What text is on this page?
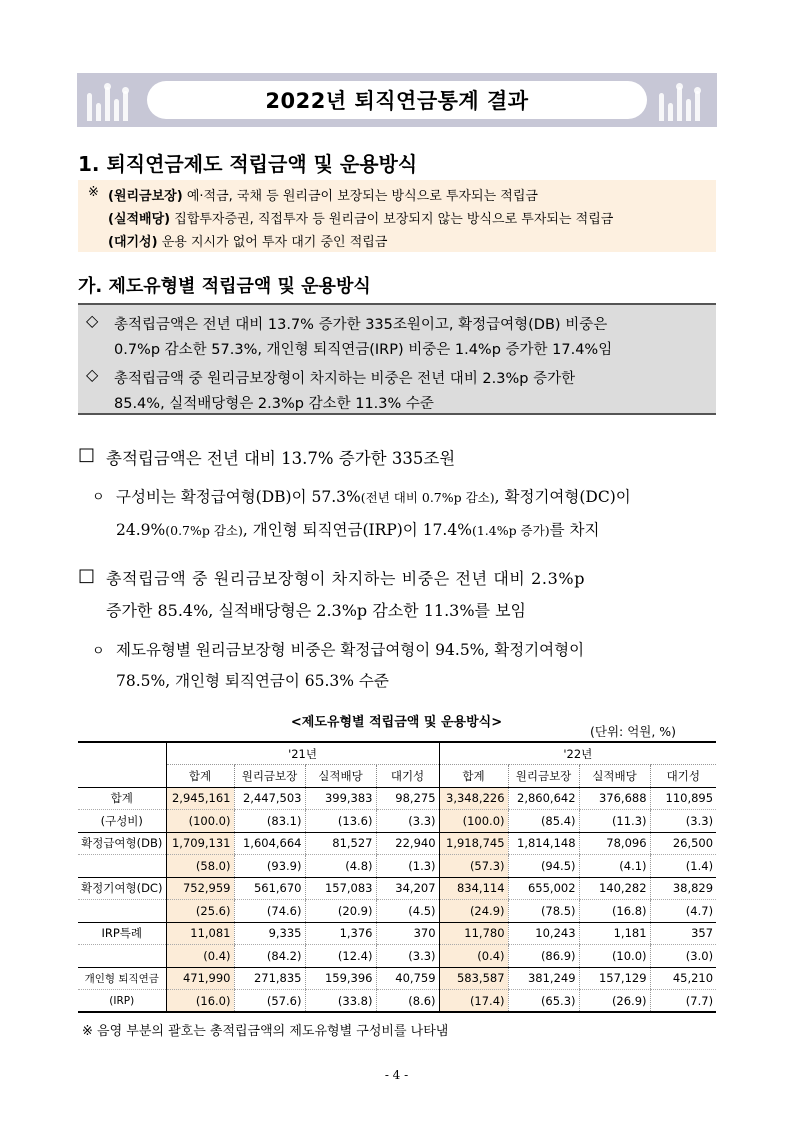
2022년 퇴직연금통계 결과
1. 퇴직연금제도 적립금액 및 운용방식
※ (원리금보장) 예·적금, 국채 등 원리금이 보장되는 방식으로 투자되는 적립금
(실적배당) 집합투자증권, 직접투자 등 원리금이 보장되지 않는 방식으로 투자되는 적립금
(대기성) 운용 지시가 없어 투자 대기 중인 적립금
가. 제도유형별 적립금액 및 운용방식
◇ 총적립금액은 전년 대비 13.7% 증가한 335조원이고, 확정급여형(DB) 비중은
0.7%p 감소한 57.3%, 개인형 퇴직연금(IRP) 비중은 1.4%p 증가한 17.4%임
◇ 총적립금액 중 원리금보장형이 차지하는 비중은 전년 대비 2.3%p 증가한
85.4%, 실적배당형은 2.3%p 감소한 11.3% 수준
□ 총적립금액은 전년 대비 13.7% 증가한 335조원
ㅇ 구성비는 확정급여형(DB)이 57.3%(전년 대비 0.7%p 감소), 확정기여형(DC)이
24.9%(0.7%p 감소), 개인형 퇴직연금(IRP)이 17.4%(1.4%p 증가)를 차지
□ 총적립금액 중 원리금보장형이 차지하는 비중은 전년 대비 2.3%p
증가한 85.4%, 실적배당형은 2.3%p 감소한 11.3%를 보임
ㅇ 제도유형별 원리금보장형 비중은 확정급여형이 94.5%, 확정기여형이
78.5%, 개인형 퇴직연금이 65.3% 수준
<제도유형별 적립금액 및 운용방식>
(단위: 억원, %)
	'21년				'22년			
	합계	원리금보장	실적배당	대기성	합계	원리금보장	실적배당	대기성
합계	2,945,161	2,447,503	399,383	98,275	3,348,226	2,860,642	376,688	110,895
(구성비)	(100.0)	(83.1)	(13.6)	(3.3)	(100.0)	(85.4)	(11.3)	(3.3)
확정급여형(DB)	1,709,131	1,604,664	81,527	22,940	1,918,745	1,814,148	78,096	26,500
	(58.0)	(93.9)	(4.8)	(1.3)	(57.3)	(94.5)	(4.1)	(1.4)
확정기여형(DC)	752,959	561,670	157,083	34,207	834,114	655,002	140,282	38,829
	(25.6)	(74.6)	(20.9)	(4.5)	(24.9)	(78.5)	(16.8)	(4.7)
IRP특례	11,081	9,335	1,376	370	11,780	10,243	1,181	357
	(0.4)	(84.2)	(12.4)	(3.3)	(0.4)	(86.9)	(10.0)	(3.0)
개인형 퇴직연금	471,990	271,835	159,396	40,759	583,587	381,249	157,129	45,210
(IRP)	(16.0)	(57.6)	(33.8)	(8.6)	(17.4)	(65.3)	(26.9)	(7.7)
※ 음영 부분의 괄호는 총적립금액의 제도유형별 구성비를 나타냄
- 4 -
